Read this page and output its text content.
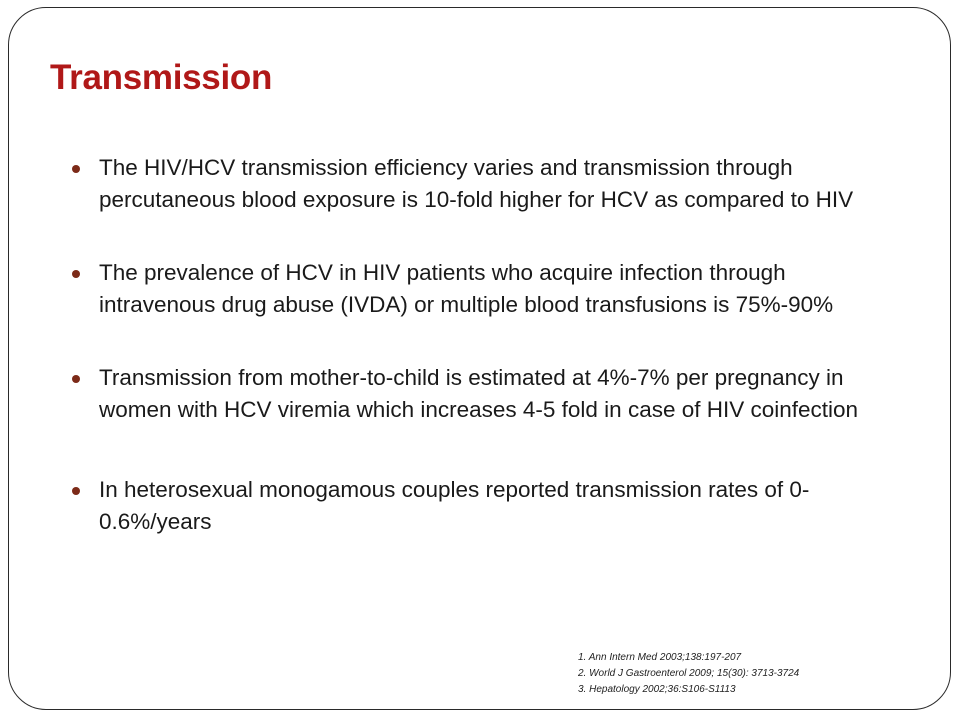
Transmission
The HIV/HCV transmission efficiency varies and transmission through percutaneous blood exposure is 10-fold higher for HCV as compared to HIV
The prevalence of HCV in HIV patients who acquire infection through intravenous drug abuse (IVDA) or multiple blood transfusions is 75%-90%
Transmission from mother-to-child is estimated at 4%-7% per pregnancy in women with HCV viremia which increases 4-5 fold in case of HIV coinfection
In heterosexual monogamous couples reported transmission rates of 0-0.6%/years
1. Ann Intern Med 2003;138:197-207
2. World J Gastroenterol 2009; 15(30): 3713-3724
3. Hepatology 2002;36:S106-S1113
